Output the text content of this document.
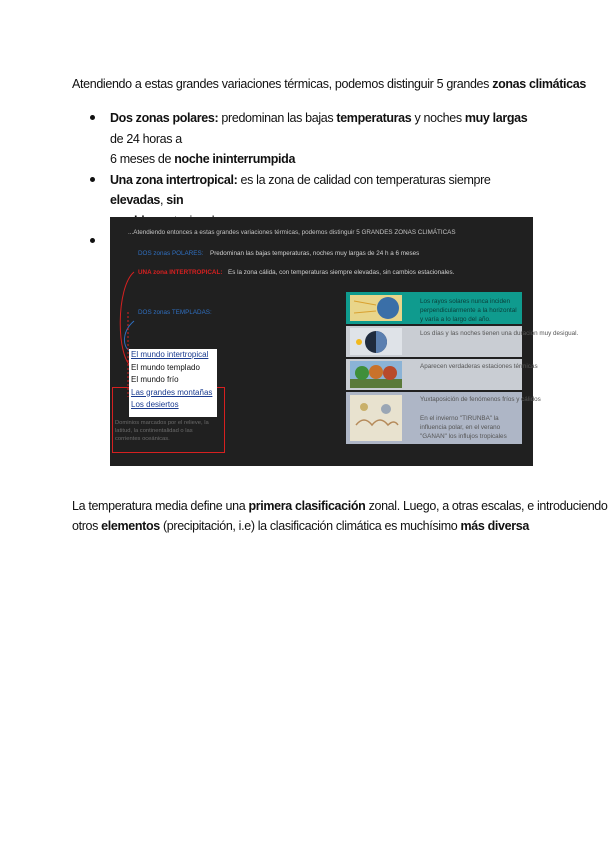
Atendiendo a estas grandes variaciones térmicas, podemos distinguir 5 grandes zonas climáticas
Dos zonas polares: predominan las bajas temperaturas y noches muy largas de 24 horas a
6 meses de noche ininterrumpida
Una zona intertropical: es la zona de calidad con temperaturas siempre elevadas, sin
...Atendiendo entonces a estas grandes variaciones térmicas, podemos distinguir 5 GRANDES ZONAS CLIMÁTICAS
DOS zonas POLARES: Predominan las bajas temperaturas, noches muy largas de 24 h a 6 meses
UNA zona INTERTROPICAL: Es la zona cálida, con temperaturas siempre elevadas, sin cambios estacionales.
DOS zonas TEMPLADAS:
Los rayos solares nunca inciden perpendicularmente a la horizontal y varía a lo largo del año.
Los días y las noches tienen una duración muy desigual.
Aparecen verdaderas estaciones térmicas
Yuxtaposición de fenómenos fríos y cálidos
En el invierno "TIRUNBA" la influencia polar, en el verano "GANAN" los influjos tropicales
Dominios marcados por el relieve, la latitud, la continentalidad o las corrientes oceánicas.
El mundo intertropical
El mundo templado
El mundo frío
Las grandes montañas
Los desiertos
La temperatura media define una primera clasificación zonal. Luego, a otras escalas, e introduciendo
otros elementos (precipitación, i.e) la clasificación climática es muchísimo más diversa
